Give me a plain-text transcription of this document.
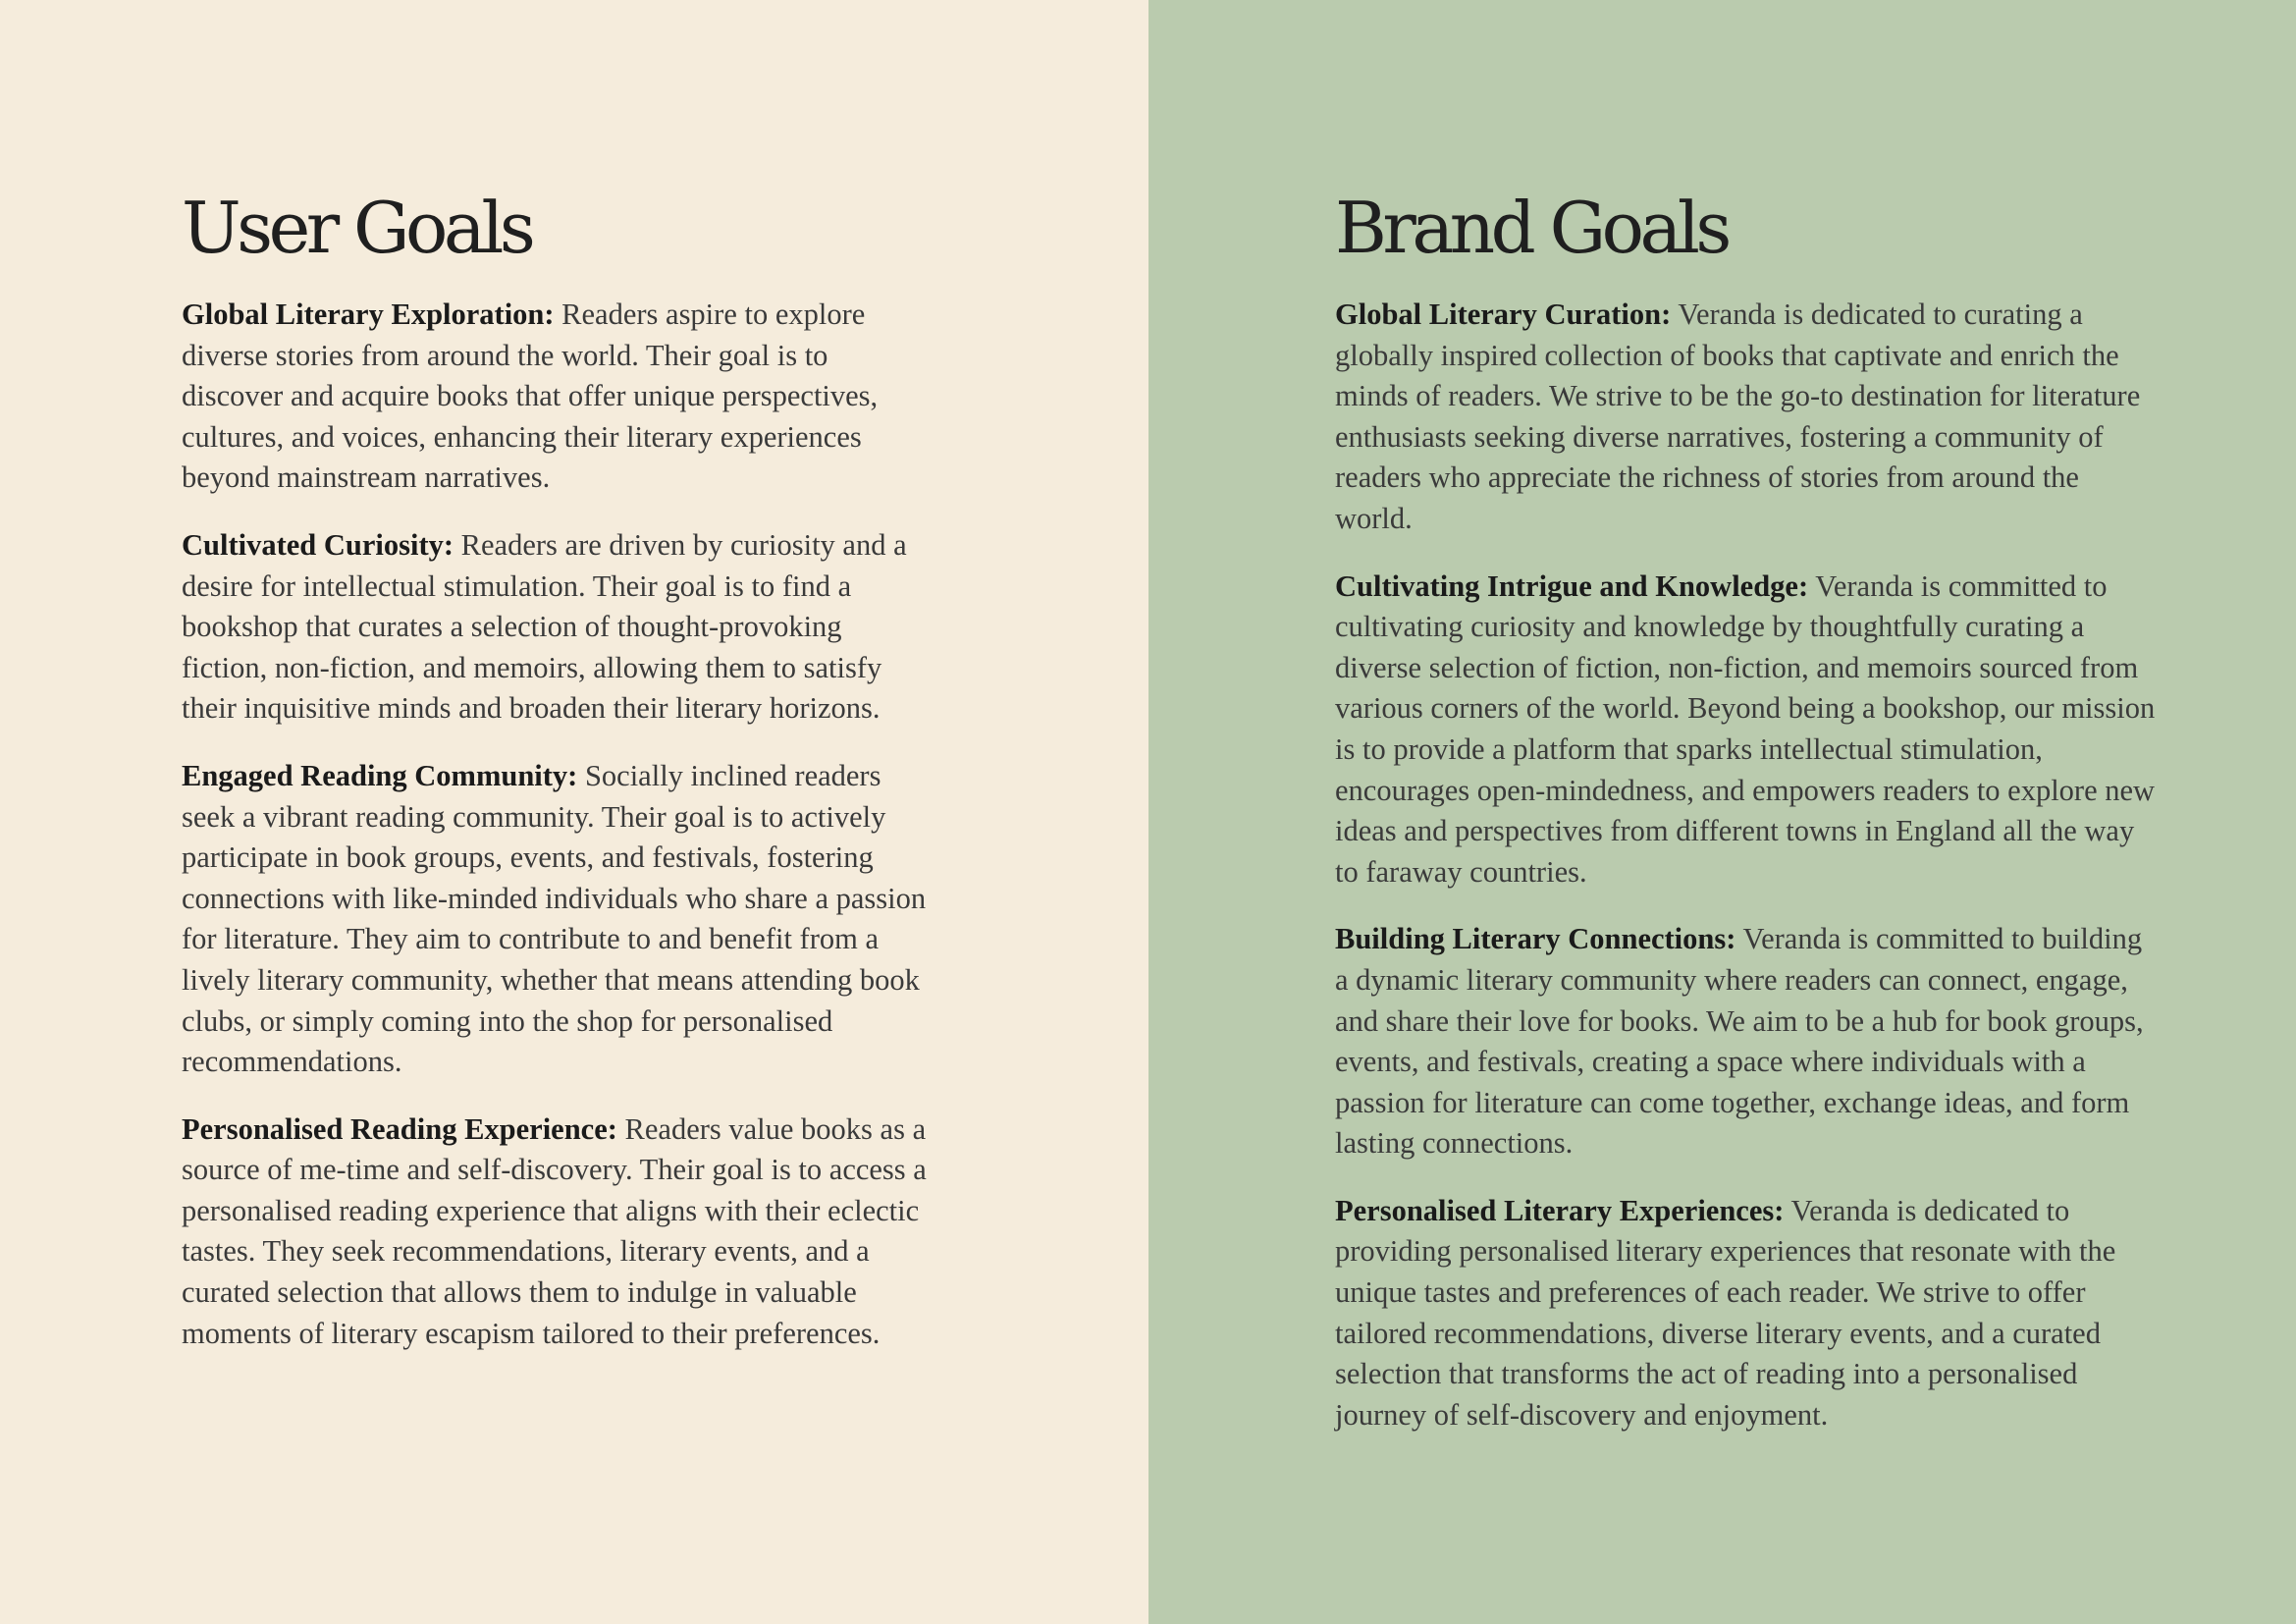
User Goals

Global Literary Exploration: Readers aspire to explore diverse stories from around the world. Their goal is to discover and acquire books that offer unique perspectives, cultures, and voices, enhancing their literary experiences beyond mainstream narratives.

Cultivated Curiosity: Readers are driven by curiosity and a desire for intellectual stimulation. Their goal is to find a bookshop that curates a selection of thought-provoking fiction, non-fiction, and memoirs, allowing them to satisfy their inquisitive minds and broaden their literary horizons.

Engaged Reading Community: Socially inclined readers seek a vibrant reading community. Their goal is to actively participate in book groups, events, and festivals, fostering connections with like-minded individuals who share a passion for literature. They aim to contribute to and benefit from a lively literary community, whether that means attending book clubs, or simply coming into the shop for personalised recommendations.

Personalised Reading Experience: Readers value books as a source of me-time and self-discovery. Their goal is to access a personalised reading experience that aligns with their eclectic tastes. They seek recommendations, literary events, and a curated selection that allows them to indulge in valuable moments of literary escapism tailored to their preferences.

Brand Goals

Global Literary Curation: Veranda is dedicated to curating a globally inspired collection of books that captivate and enrich the minds of readers. We strive to be the go-to destination for literature enthusiasts seeking diverse narratives, fostering a community of readers who appreciate the richness of stories from around the world.

Cultivating Intrigue and Knowledge: Veranda is committed to cultivating curiosity and knowledge by thoughtfully curating a diverse selection of fiction, non-fiction, and memoirs sourced from various corners of the world. Beyond being a bookshop, our mission is to provide a platform that sparks intellectual stimulation, encourages open-mindedness, and empowers readers to explore new ideas and perspectives from different towns in England all the way to faraway countries.

Building Literary Connections: Veranda is committed to building a dynamic literary community where readers can connect, engage, and share their love for books. We aim to be a hub for book groups, events, and festivals, creating a space where individuals with a passion for literature can come together, exchange ideas, and form lasting connections.

Personalised Literary Experiences: Veranda is dedicated to providing personalised literary experiences that resonate with the unique tastes and preferences of each reader. We strive to offer tailored recommendations, diverse literary events, and a curated selection that transforms the act of reading into a personalised journey of self-discovery and enjoyment.
